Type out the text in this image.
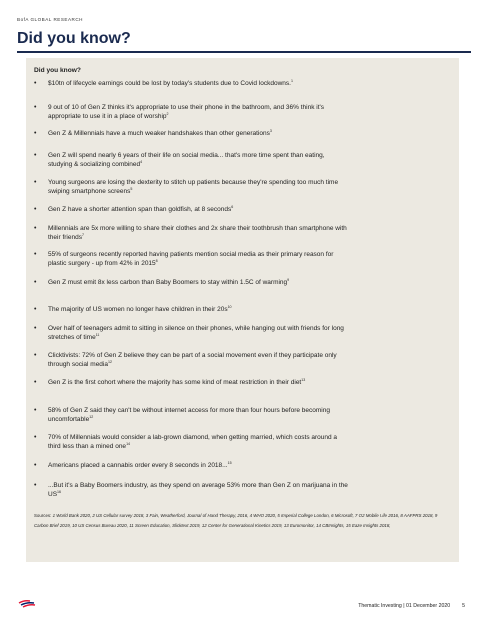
BofA GLOBAL RESEARCH
Did you know?
Did you know?
• $10tn of lifecycle earnings could be lost by today's students due to Covid lockdowns.$^1$
• 9 out of 10 of Gen Z thinks it's appropriate to use their phone in the bathroom, and 36% think it's appropriate to use it in a place of worship$^2$
• Gen Z & Millennials have a much weaker handshakes than other generations$^3$
• Gen Z will spend nearly 6 years of their life on social media... that's more time spent than eating, studying & socializing combined$^4$
• Young surgeons are losing the dexterity to stitch up patients because they're spending too much time swiping smartphone screens$^5$
• Gen Z have a shorter attention span than goldfish, at 8 seconds$^6$
• Millennials are 5x more willing to share their clothes and 2x share their toothbrush than smartphone with their friends$^7$
• 55% of surgeons recently reported having patients mention social media as their primary reason for plastic surgery - up from 42% in 2015$^8$
• Gen Z must emit 8x less carbon than Baby Boomers to stay within 1.5C of warming$^9$
• The majority of US women no longer have children in their $20s^{10}$
• Over half of teenagers admit to sitting in silence on their phones, while hanging out with friends for long stretches of time$^{11}$
• Clicktivists: 72% of Gen Z believe they can be part of a social movement even if they participate only through social media$^{12}$
• Gen Z is the first cohort where the majority has some kind of meat restriction in their diet$^{13}$
• 58% of Gen Z said they can't be without internet access for more than four hours before becoming uncomfortable$^{12}$
• 70% of Millennials would consider a lab-grown diamond, when getting married, which costs around a third less than a mined one$^{14}$
• Americans placed a cannabis order every 8 seconds in 2018...$^{15}$
• ...But it's a Baby Boomers industry, as they spend on average 53% more than Gen Z on marijuana in the US$^{16}$
Sources: 1 World Bank 2020, 2 US Cellular survey 2018, 3 Fain, Weatherford, Journal of Hand Therapy, 2016, 4 WHO 2020, 5 Imperial College London, 6 Microsoft, 7 O2 Mobile I.ife 2016, 8 AAFPRS 2018, 9 Carbon Brief 2019, 10 US Census Bureau 2020, 11 Screen Education, Slicktext 2019, 12 Center for Generational Kinetics 2019, 13 Euromonitor, 14 CBInsights, 15 Eaze Insights 2018,
Thematic Investing | 01 December 2020 5
